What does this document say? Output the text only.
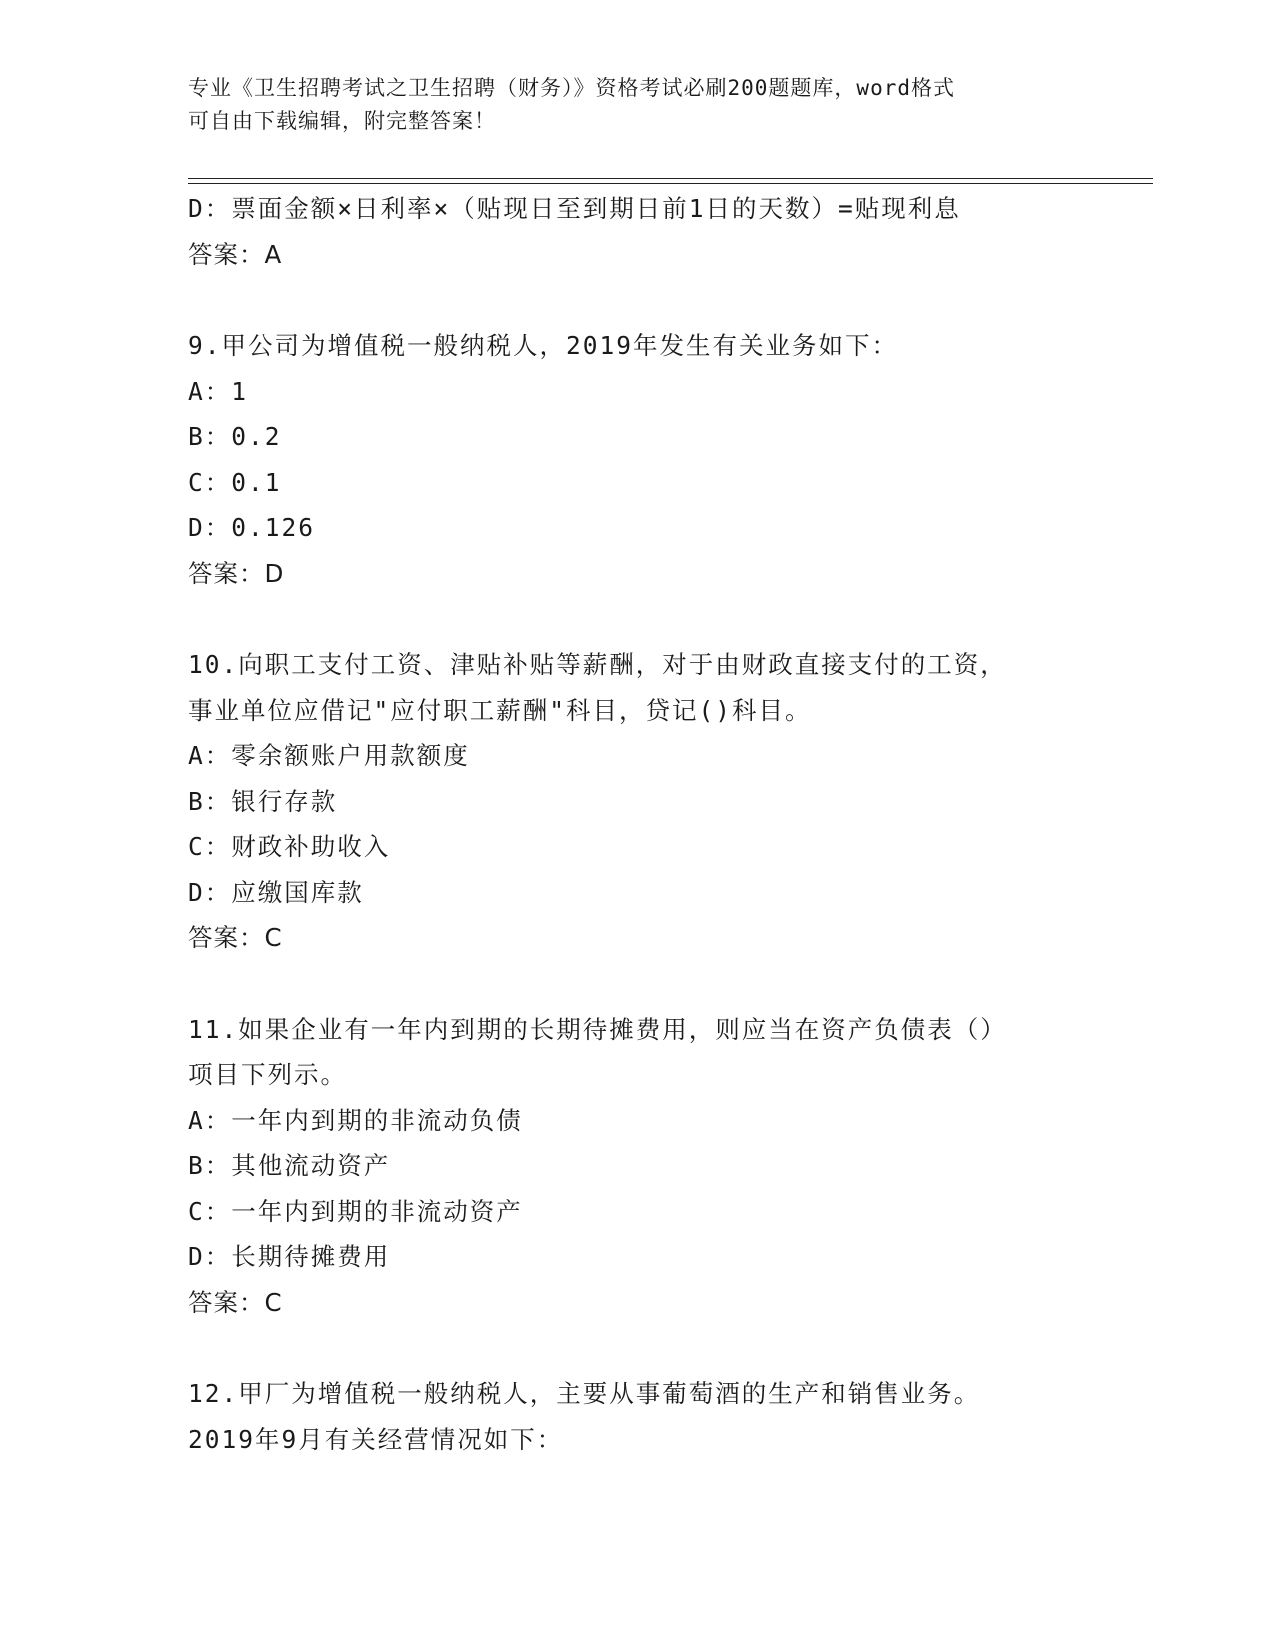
专业《卫生招聘考试之卫生招聘（财务）》资格考试必刷200题题库，word格式
可自由下载编辑，附完整答案！
D：票面金额×日利率×（贴现日至到期日前1日的天数）=贴现利息
答案：A
9.甲公司为增值税一般纳税人，2019年发生有关业务如下：
A：1
B：0.2
C：0.1
D：0.126
答案：D
10.向职工支付工资、津贴补贴等薪酬，对于由财政直接支付的工资，
事业单位应借记"应付职工薪酬"科目，贷记()科目。
A：零余额账户用款额度
B：银行存款
C：财政补助收入
D：应缴国库款
答案：C
11.如果企业有一年内到期的长期待摊费用，则应当在资产负债表（）
项目下列示。
A：一年内到期的非流动负债
B：其他流动资产
C：一年内到期的非流动资产
D：长期待摊费用
答案：C
12.甲厂为增值税一般纳税人，主要从事葡萄酒的生产和销售业务。
2019年9月有关经营情况如下：
